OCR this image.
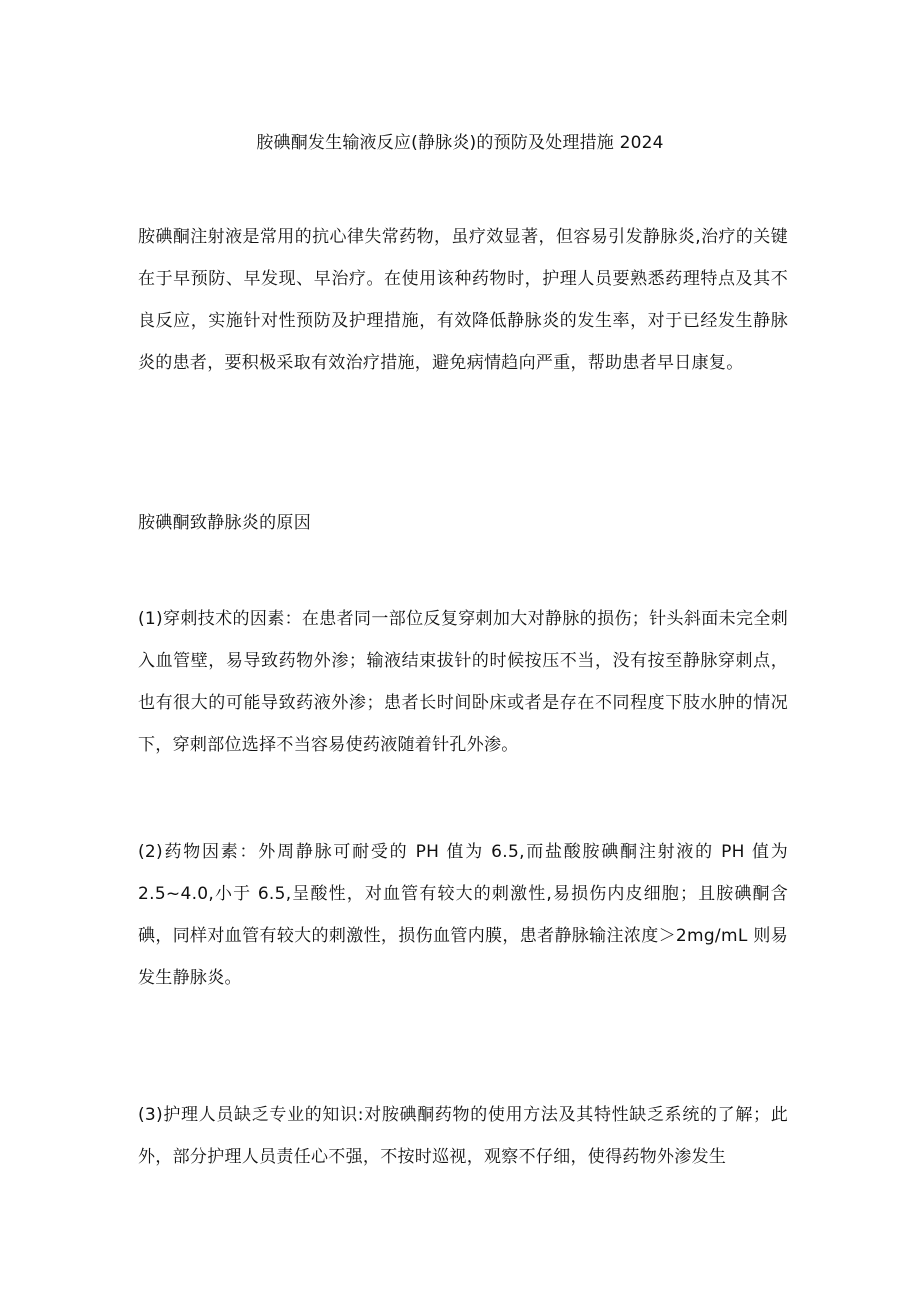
胺碘酮发生输液反应(静脉炎)的预防及处理措施 2024

胺碘酮注射液是常用的抗心律失常药物，虽疗效显著，但容易引发静脉炎,治疗的关键在于早预防、早发现、早治疗。在使用该种药物时，护理人员要熟悉药理特点及其不良反应，实施针对性预防及护理措施，有效降低静脉炎的发生率，对于已经发生静脉炎的患者，要积极采取有效治疗措施，避免病情趋向严重，帮助患者早日康复。

胺碘酮致静脉炎的原因

(1)穿刺技术的因素：在患者同一部位反复穿刺加大对静脉的损伤；针头斜面未完全刺入血管壁，易导致药物外渗；输液结束拔针的时候按压不当，没有按至静脉穿刺点，也有很大的可能导致药液外渗；患者长时间卧床或者是存在不同程度下肢水肿的情况下，穿刺部位选择不当容易使药液随着针孔外渗。

(2)药物因素：外周静脉可耐受的 PH 值为 6.5,而盐酸胺碘酮注射液的 PH 值为 2.5~4.0,小于 6.5,呈酸性，对血管有较大的刺激性,易损伤内皮细胞；且胺碘酮含碘，同样对血管有较大的刺激性，损伤血管内膜，患者静脉输注浓度＞2mg/mL 则易发生静脉炎。

(3)护理人员缺乏专业的知识:对胺碘酮药物的使用方法及其特性缺乏系统的了解；此外，部分护理人员责任心不强，不按时巡视，观察不仔细，使得药物外渗发生
